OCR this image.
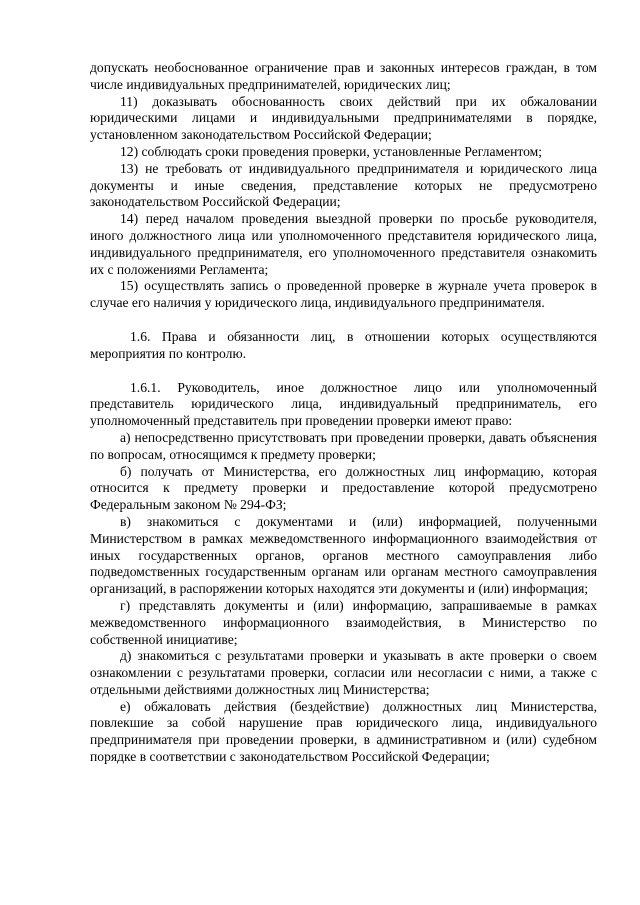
допускать необоснованное ограничение прав и законных интересов граждан, в том числе индивидуальных предпринимателей, юридических лиц;

11) доказывать обоснованность своих действий при их обжаловании юридическими лицами и индивидуальными предпринимателями в порядке, установленном законодательством Российской Федерации;

12) соблюдать сроки проведения проверки, установленные Регламентом;

13) не требовать от индивидуального предпринимателя и юридического лица документы и иные сведения, представление которых не предусмотрено законодательством Российской Федерации;

14) перед началом проведения выездной проверки по просьбе руководителя, иного должностного лица или уполномоченного представителя юридического лица, индивидуального предпринимателя, его уполномоченного представителя ознакомить их с положениями Регламента;

15) осуществлять запись о проведенной проверке в журнале учета проверок в случае его наличия у юридического лица, индивидуального предпринимателя.

1.6. Права и обязанности лиц, в отношении которых осуществляются мероприятия по контролю.

1.6.1. Руководитель, иное должностное лицо или уполномоченный представитель юридического лица, индивидуальный предприниматель, его уполномоченный представитель при проведении проверки имеют право:

а) непосредственно присутствовать при проведении проверки, давать объяснения по вопросам, относящимся к предмету проверки;

б) получать от Министерства, его должностных лиц информацию, которая относится к предмету проверки и предоставление которой предусмотрено Федеральным законом № 294-ФЗ;

в) знакомиться с документами и (или) информацией, полученными Министерством в рамках межведомственного информационного взаимодействия от иных государственных органов, органов местного самоуправления либо подведомственных государственным органам или органам местного самоуправления организаций, в распоряжении которых находятся эти документы и (или) информация;

г) представлять документы и (или) информацию, запрашиваемые в рамках межведомственного информационного взаимодействия, в Министерство по собственной инициативе;

д) знакомиться с результатами проверки и указывать в акте проверки о своем ознакомлении с результатами проверки, согласии или несогласии с ними, а также с отдельными действиями должностных лиц Министерства;

е) обжаловать действия (бездействие) должностных лиц Министерства, повлекшие за собой нарушение прав юридического лица, индивидуального предпринимателя при проведении проверки, в административном и (или) судебном порядке в соответствии с законодательством Российской Федерации;
